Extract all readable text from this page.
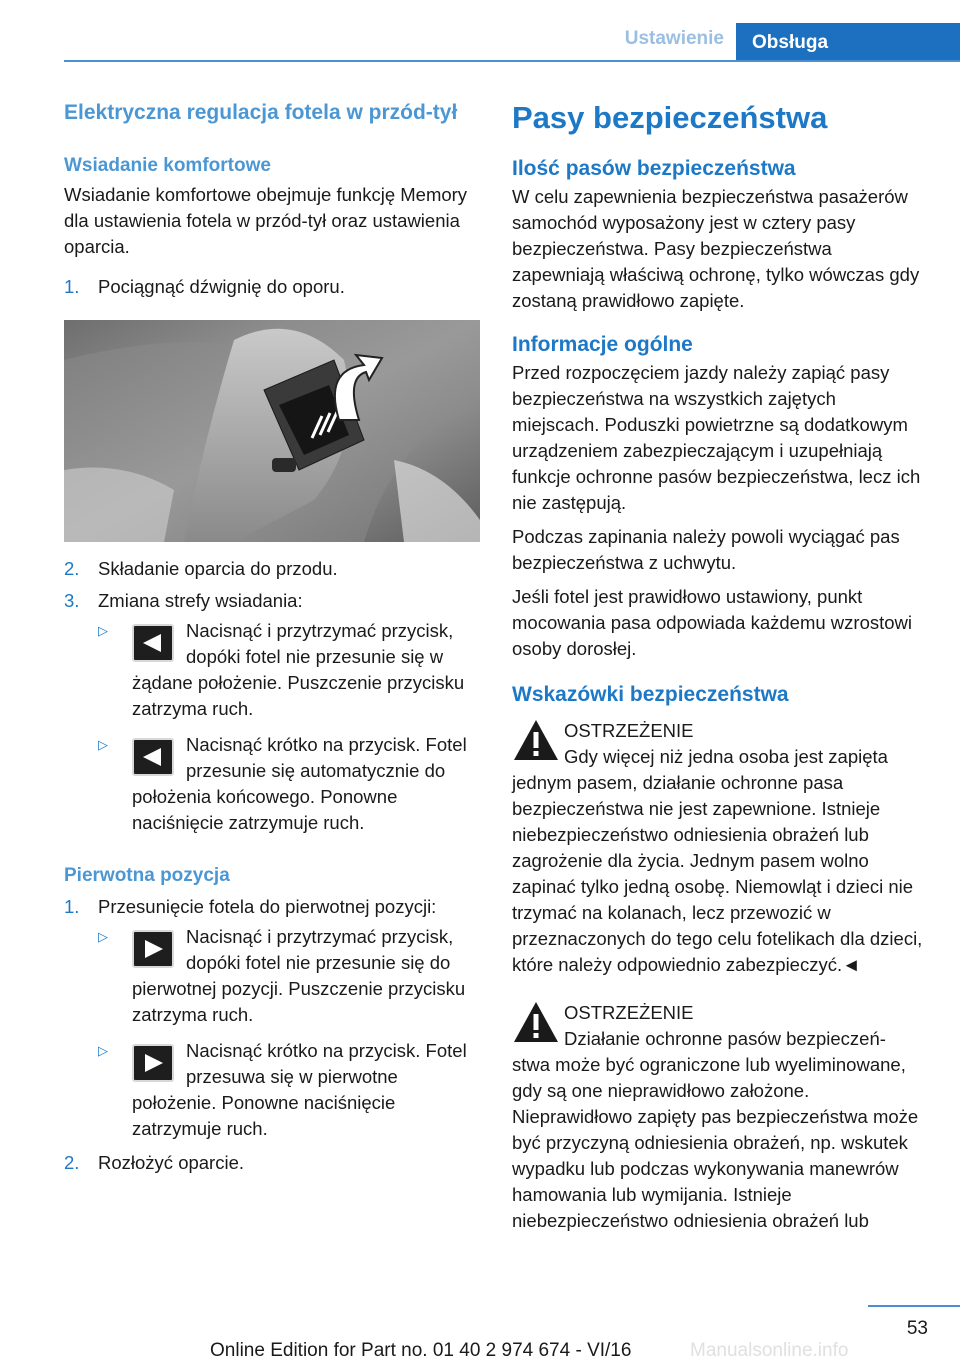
Ustawienie Obsługa
Elektryczna regulacja fotela w przód-tył
Wsiadanie komfortowe

Wsiadanie komfortowe obejmuje funkcję Memory dla ustawienia fotela w przód-tył oraz ustawienia oparcia.

1.	Pociągnąć dźwignię do oporu.
2.	Składanie oparcia do przodu.
3.	Zmiana strefy wsiadania:
▷	Nacisnąć i przytrzymać przycisk, dopóki fotel nie przesunie się w żądane położenie. Puszczenie przycisku zatrzyma ruch.
▷	Nacisnąć krótko na przycisk. Fotel przesunie się automatycznie do położenia końcowego. Ponowne naciśnięcie zatrzymuje ruch.
Pierwotna pozycja
1.	Przesunięcie fotela do pierwotnej pozycji:
▷	Nacisnąć i przytrzymać przycisk, dopóki fotel nie przesunie się do pierwotnej pozycji. Puszczenie przycisku zatrzyma ruch.
▷	Nacisnąć krótko na przycisk. Fotel przesuwa się w pierwotne położenie. Ponowne naciśnięcie zatrzymuje ruch.
2.	Rozłożyć oparcie.
Pasy bezpieczeństwa
Ilość pasów bezpieczeństwa

W celu zapewnienia bezpieczeństwa pasażerów samochód wyposażony jest w cztery pasy bezpieczeństwa. Pasy bezpieczeństwa zapewniają właściwą ochronę, tylko wówczas gdy zostaną prawidłowo zapięte.

Informacje ogólne

Przed rozpoczęciem jazdy należy zapiąć pasy bezpieczeństwa na wszystkich zajętych miejscach. Poduszki powietrzne są dodatkowym urządzeniem zabezpieczającym i uzupełniają funkcje ochronne pasów bezpieczeństwa, lecz ich nie zastępują.

Podczas zapinania należy powoli wyciągać pas bezpieczeństwa z uchwytu.

Jeśli fotel jest prawidłowo ustawiony, punkt mocowania pasa odpowiada każdemu wzrostowi osoby dorosłej.

Wskazówki bezpieczeństwa

OSTRZEŻENIE

Gdy więcej niż jedna osoba jest zapięta

jednym pasem, działanie ochronne pasa bezpieczeństwa nie jest zapewnione. Istnieje niebezpieczeństwo odniesienia obrażeń lub zagrożenie dla życia. Jednym pasem wolno zapinać tylko jedną osobę. Niemowląt i dzieci nie trzymać na kolanach, lecz przewozić w przeznaczonych do tego celu fotelikach dla dzieci, które należy odpowiednio zabezpieczyć.◄

OSTRZEŻENIE

Działanie ochronne pasów bezpieczeń-

stwa może być ograniczone lub wyeliminowane, gdy są one nieprawidłowo założone. Nieprawidłowo zapięty pas bezpieczeństwa może być przyczyną odniesienia obrażeń, np. wskutek wypadku lub podczas wykonywania manewrów hamowania lub wymijania. Istnieje niebezpieczeństwo odniesienia obrażeń lub

53
Online Edition for Part no. 01 40 2 974 674 - VI/16	Manualsonline.info
